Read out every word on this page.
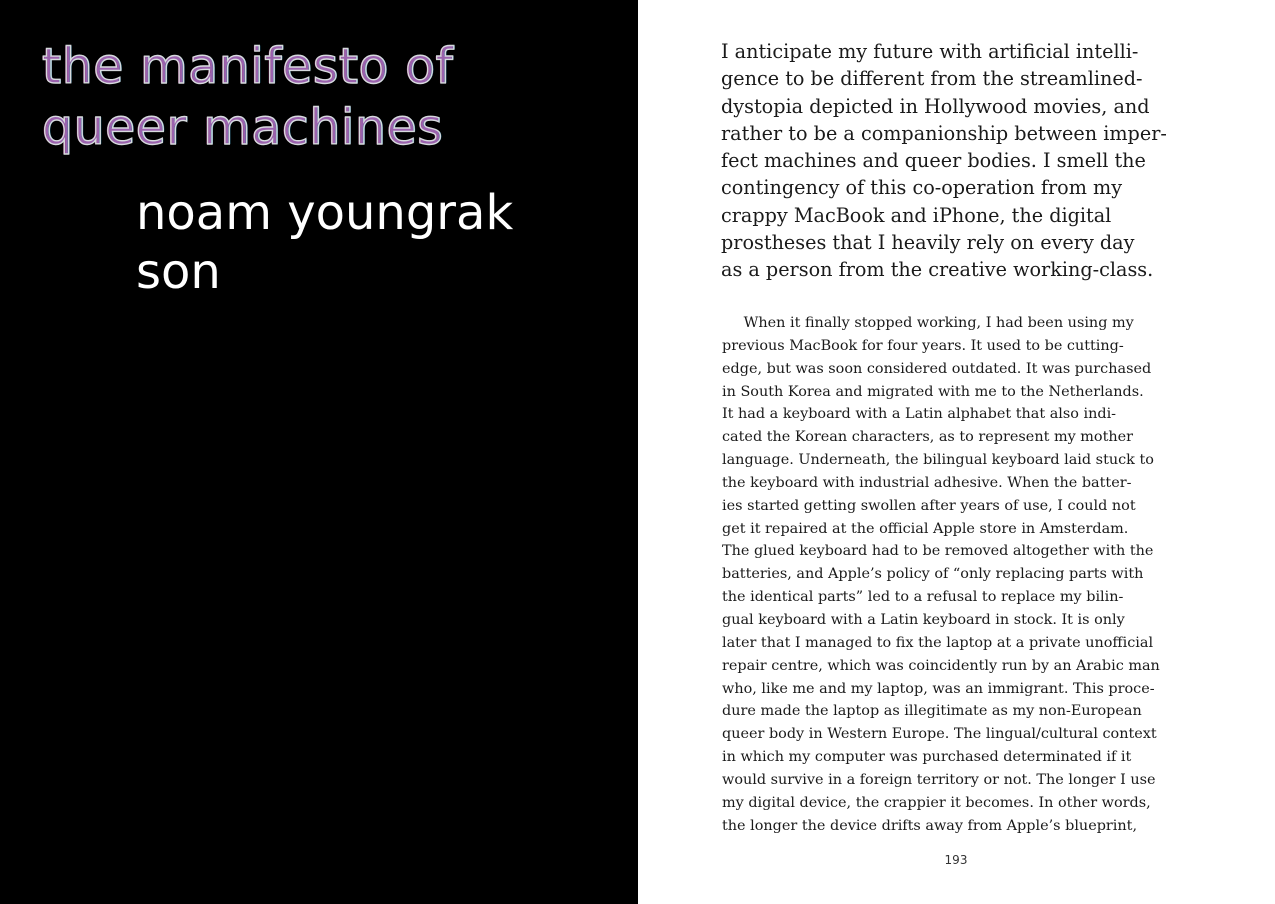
the manifesto of
queer machines
noam youngrak
son

I anticipate my future with artificial intelli-
gence to be different from the streamlined-
dystopia depicted in Hollywood movies, and
rather to be a companionship between imper-
fect machines and queer bodies. I smell the
contingency of this co-operation from my
crappy MacBook and iPhone, the digital
prostheses that I heavily rely on every day
as a person from the creative working-class.

  When it finally stopped working, I had been using my
previous MacBook for four years. It used to be cutting-
edge, but was soon considered outdated. It was purchased
in South Korea and migrated with me to the Netherlands.
It had a keyboard with a Latin alphabet that also indi-
cated the Korean characters, as to represent my mother
language. Underneath, the bilingual keyboard laid stuck to
the keyboard with industrial adhesive. When the batter-
ies started getting swollen after years of use, I could not
get it repaired at the official Apple store in Amsterdam.
The glued keyboard had to be removed altogether with the
batteries, and Apple’s policy of “only replacing parts with
the identical parts” led to a refusal to replace my bilin-
gual keyboard with a Latin keyboard in stock. It is only
later that I managed to fix the laptop at a private unofficial
repair centre, which was coincidently run by an Arabic man
who, like me and my laptop, was an immigrant. This proce-
dure made the laptop as illegitimate as my non-European
queer body in Western Europe. The lingual/cultural context
in which my computer was purchased determinated if it
would survive in a foreign territory or not. The longer I use
my digital device, the crappier it becomes. In other words,
the longer the device drifts away from Apple’s blueprint,

193
